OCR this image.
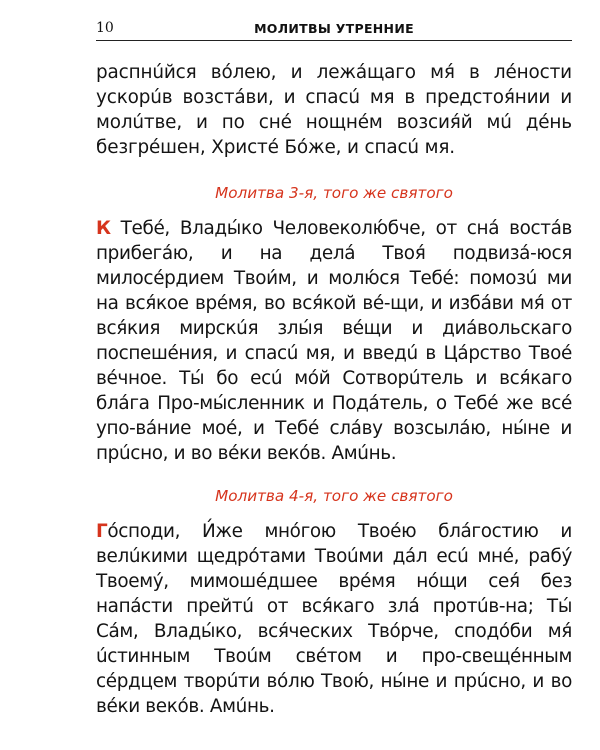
10	МОЛИТВЫ УТРЕННИЕ

распнúйся вóлею, и лежáщаго мя́ в лéности ускорúв возстáви, и спасú мя в предстоя́нии и молúтве, и по сне́ нощне́м возсия́й мú де́нь безгрéшен, Христé Бóже, и спасú мя.

Молитва 3-я, того же святого

К Тебé, Влады́ко Человеколю́бче, от снá востáв прибегáю, и на делá Твоя́ подвизá-юся милосéрдием Твои́м, и молю́ся Тебé: помозú ми на вся́кое врéмя, во вся́кой вé-щи, и избáви мя́ от вся́кия мирскúя злы́я вéщи и диáвольскаго поспешéния, и спасú мя, и введú в Цáрство Твоé вéчное. Ты́ бо есú мóй Сотворúтель и вся́каго блáга Про-мы́сленник и Подáтель, о Тебé же всé упо-вáние моé, и Тебé слáву возсылáю, ны́не и прúсно, и во вéки векóв. Амúнь.

Молитва 4-я, того же святого

Гóсподи, И́же мнóгою Твоéю блáгостию и велúкими щедрóтами Твоúми дáл есú мнé, рабу́ Твоемý, мимошéдшее врéмя нóщи сея́ без напáсти прейтú от вся́каго злá протúв-на; Ты́ Сáм, Влады́ко, вся́ческих Твóрче, сподóби мя́ úстинным Твоúм свéтом и про-свещéнным сéрдцем творúти вóлю Твою́, ны́не и прúсно, и во вéки векóв. Амúнь.
